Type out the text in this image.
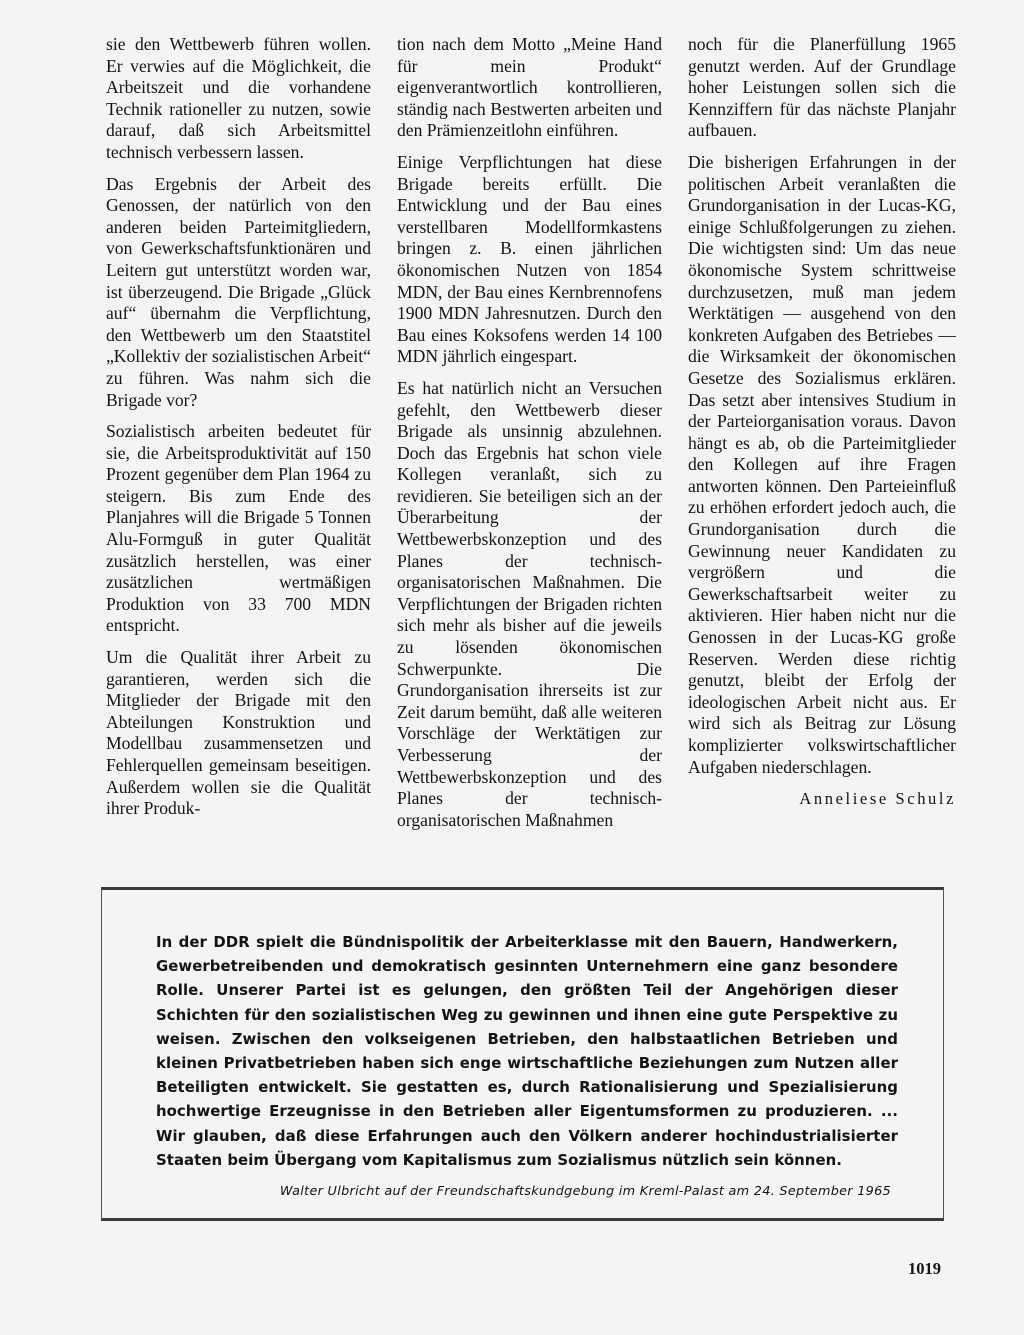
sie den Wettbewerb führen wollen. Er verwies auf die Möglichkeit, die Arbeitszeit und die vorhandene Technik rationeller zu nutzen, sowie darauf, daß sich Arbeitsmittel technisch verbessern lassen.

Das Ergebnis der Arbeit des Genossen, der natürlich von den anderen beiden Parteimitgliedern, von Gewerkschaftsfunktionären und Leitern gut unterstützt worden war, ist überzeugend. Die Brigade „Glück auf“ übernahm die Verpflichtung, den Wettbewerb um den Staatstitel „Kollektiv der sozialistischen Arbeit“ zu führen. Was nahm sich die Brigade vor?

Sozialistisch arbeiten bedeutet für sie, die Arbeitsproduktivität auf 150 Prozent gegenüber dem Plan 1964 zu steigern. Bis zum Ende des Planjahres will die Brigade 5 Tonnen Alu-Formguß in guter Qualität zusätzlich herstellen, was einer zusätzlichen wertmäßigen Produktion von 33 700 MDN entspricht.

Um die Qualität ihrer Arbeit zu garantieren, werden sich die Mitglieder der Brigade mit den Abteilungen Konstruktion und Modellbau zusammensetzen und Fehlerquellen gemeinsam beseitigen. Außerdem wollen sie die Qualität ihrer Produk-

tion nach dem Motto „Meine Hand für mein Produkt“ eigenverantwortlich kontrollieren, ständig nach Bestwerten arbeiten und den Prämienzeitlohn einführen.

Einige Verpflichtungen hat diese Brigade bereits erfüllt. Die Entwicklung und der Bau eines verstellbaren Modellformkastens bringen z. B. einen jährlichen ökonomischen Nutzen von 1854 MDN, der Bau eines Kernbrennofens 1900 MDN Jahresnutzen. Durch den Bau eines Koksofens werden 14 100 MDN jährlich eingespart.

Es hat natürlich nicht an Versuchen gefehlt, den Wettbewerb dieser Brigade als unsinnig abzulehnen. Doch das Ergebnis hat schon viele Kollegen veranlaßt, sich zu revidieren. Sie beteiligen sich an der Überarbeitung der Wettbewerbskonzeption und des Planes der technisch-organisatorischen Maßnahmen. Die Verpflichtungen der Brigaden richten sich mehr als bisher auf die jeweils zu lösenden ökonomischen Schwerpunkte. Die Grundorganisation ihrerseits ist zur Zeit darum bemüht, daß alle weiteren Vorschläge der Werktätigen zur Verbesserung der Wettbewerbskonzeption und des Planes der technisch-organisatorischen Maßnahmen

noch für die Planerfüllung 1965 genutzt werden. Auf der Grundlage hoher Leistungen sollen sich die Kennziffern für das nächste Planjahr aufbauen.

Die bisherigen Erfahrungen in der politischen Arbeit veranlaßten die Grundorganisation in der Lucas-KG, einige Schlußfolgerungen zu ziehen. Die wichtigsten sind: Um das neue ökonomische System schrittweise durchzusetzen, muß man jedem Werktätigen — ausgehend von den konkreten Aufgaben des Betriebes — die Wirksamkeit der ökonomischen Gesetze des Sozialismus erklären. Das setzt aber intensives Studium in der Parteiorganisation voraus. Davon hängt es ab, ob die Parteimitglieder den Kollegen auf ihre Fragen antworten können. Den Parteieinfluß zu erhöhen erfordert jedoch auch, die Grundorganisation durch die Gewinnung neuer Kandidaten zu vergrößern und die Gewerkschaftsarbeit weiter zu aktivieren. Hier haben nicht nur die Genossen in der Lucas-KG große Reserven. Werden diese richtig genutzt, bleibt der Erfolg der ideologischen Arbeit nicht aus. Er wird sich als Beitrag zur Lösung komplizierter volkswirtschaftlicher Aufgaben niederschlagen.

Anneliese Schulz

In der DDR spielt die Bündnispolitik der Arbeiterklasse mit den Bauern, Handwerkern, Gewerbetreibenden und demokratisch gesinnten Unternehmern eine ganz besondere Rolle. Unserer Partei ist es gelungen, den größten Teil der Angehörigen dieser Schichten für den sozialistischen Weg zu gewinnen und ihnen eine gute Perspektive zu weisen. Zwischen den volkseigenen Betrieben, den halbstaatlichen Betrieben und kleinen Privatbetrieben haben sich enge wirtschaftliche Beziehungen zum Nutzen aller Beteiligten entwickelt. Sie gestatten es, durch Rationalisierung und Spezialisierung hochwertige Erzeugnisse in den Betrieben aller Eigentumsformen zu produzieren. ... Wir glauben, daß diese Erfahrungen auch den Völkern anderer hochindustrialisierter Staaten beim Übergang vom Kapitalismus zum Sozialismus nützlich sein können.
Walter Ulbricht auf der Freundschaftskundgebung im Kreml-Palast am 24. September 1965
1019
